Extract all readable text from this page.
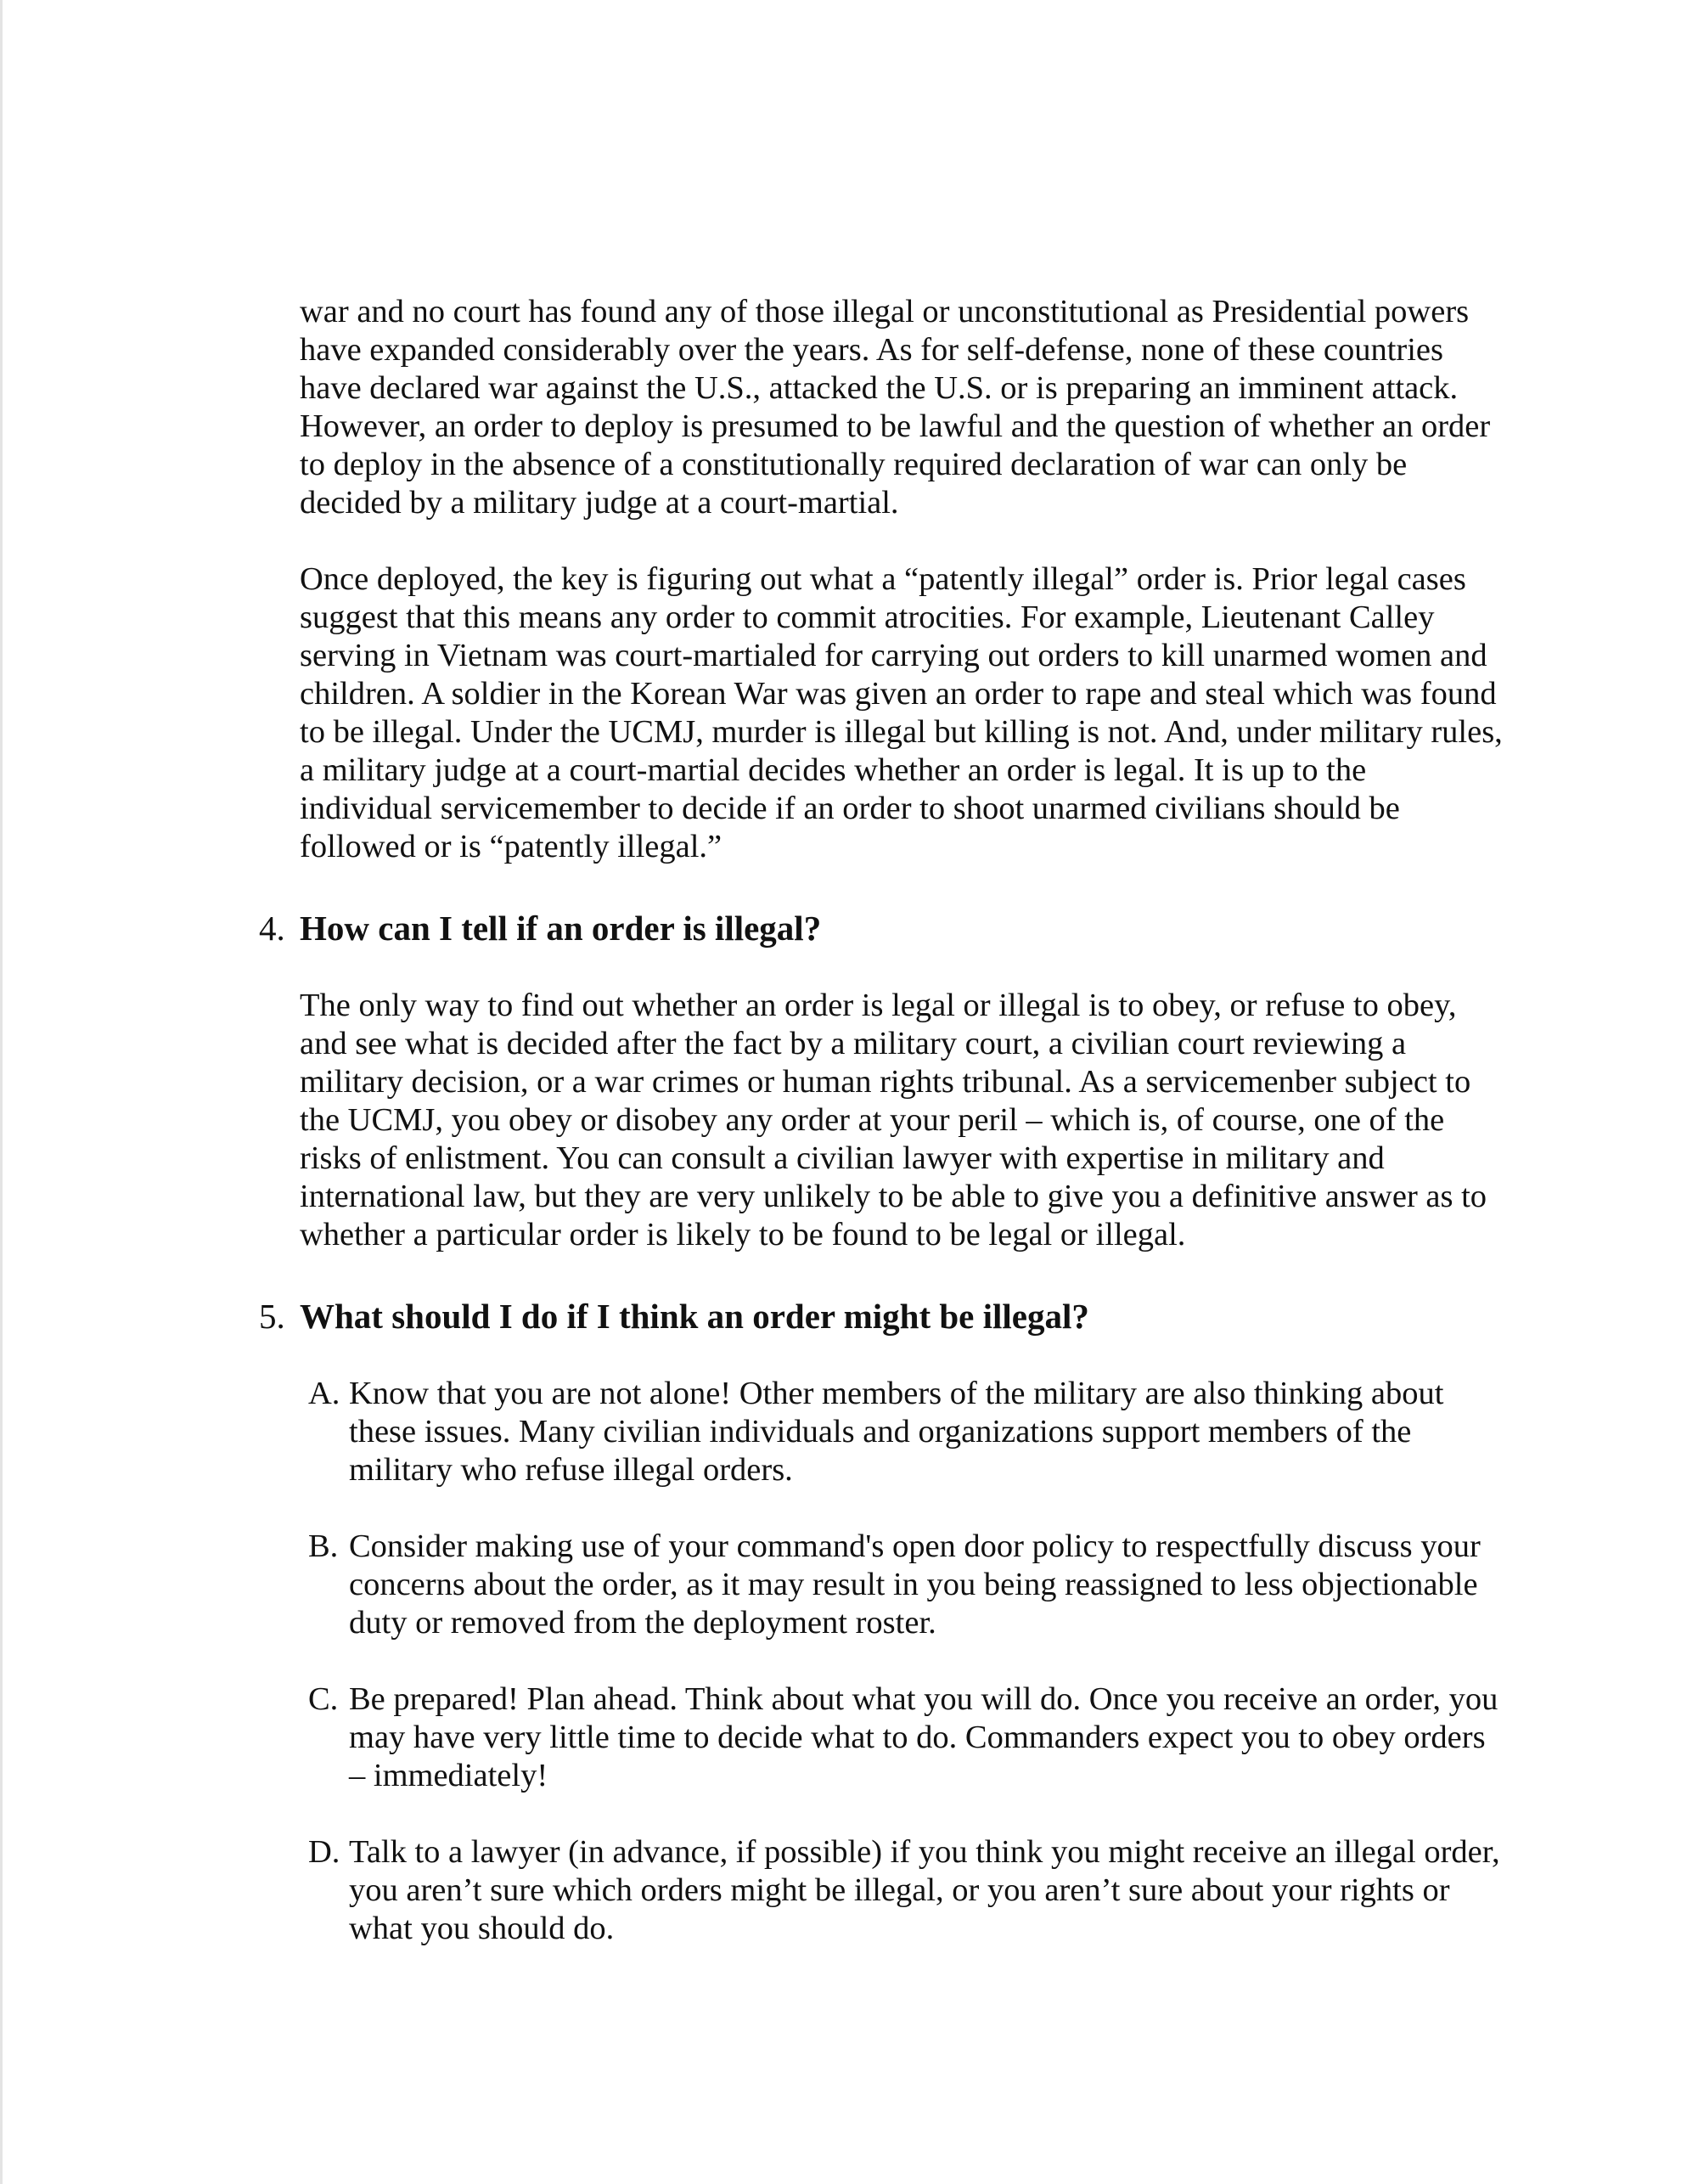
war and no court has found any of those illegal or unconstitutional as Presidential powers have expanded considerably over the years. As for self-defense, none of these countries have declared war against the U.S., attacked the U.S. or is preparing an imminent attack. However, an order to deploy is presumed to be lawful and the question of whether an order to deploy in the absence of a constitutionally required declaration of war can only be decided by a military judge at a court-martial.

Once deployed, the key is figuring out what a “patently illegal” order is. Prior legal cases suggest that this means any order to commit atrocities. For example, Lieutenant Calley serving in Vietnam was court-martialed for carrying out orders to kill unarmed women and children. A soldier in the Korean War was given an order to rape and steal which was found to be illegal. Under the UCMJ, murder is illegal but killing is not. And, under military rules, a military judge at a court-martial decides whether an order is legal. It is up to the individual servicemember to decide if an order to shoot unarmed civilians should be followed or is “patently illegal.”

4. How can I tell if an order is illegal?

The only way to find out whether an order is legal or illegal is to obey, or refuse to obey, and see what is decided after the fact by a military court, a civilian court reviewing a military decision, or a war crimes or human rights tribunal. As a servicemenber subject to the UCMJ, you obey or disobey any order at your peril – which is, of course, one of the risks of enlistment. You can consult a civilian lawyer with expertise in military and international law, but they are very unlikely to be able to give you a definitive answer as to whether a particular order is likely to be found to be legal or illegal.

5. What should I do if I think an order might be illegal?
A. Know that you are not alone! Other members of the military are also thinking about these issues. Many civilian individuals and organizations support members of the military who refuse illegal orders.
B. Consider making use of your command's open door policy to respectfully discuss your concerns about the order, as it may result in you being reassigned to less objectionable duty or removed from the deployment roster.
C. Be prepared! Plan ahead. Think about what you will do. Once you receive an order, you may have very little time to decide what to do. Commanders expect you to obey orders – immediately!
D. Talk to a lawyer (in advance, if possible) if you think you might receive an illegal order, you aren’t sure which orders might be illegal, or you aren’t sure about your rights or what you should do.
